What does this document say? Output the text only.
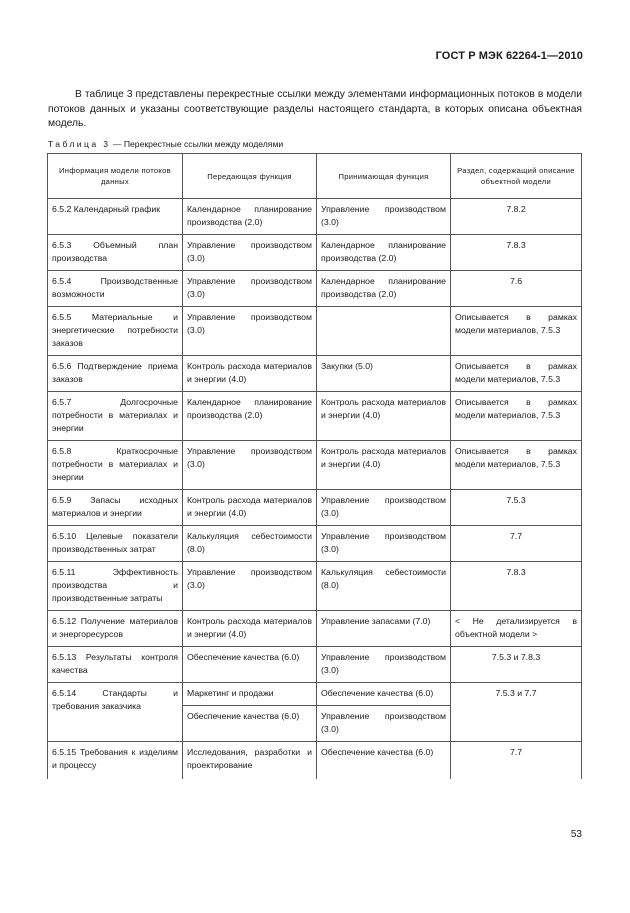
ГОСТ Р МЭК 62264-1—2010

В таблице 3 представлены перекрестные ссылки между элементами информационных потоков в модели потоков данных и указаны соответствующие разделы настоящего стандарта, в которых описана объектная модель.

Таблица 3 — Перекрестные ссылки между моделями
Информация модели потоков данных	Передающая функция	Принимающая функция	Раздел, содержащий описание объектной модели
6.5.2 Календарный график	Календарное планирование производства (2.0)	Управление производством (3.0)	7.8.2
6.5.3 Объемный план производства	Управление производством (3.0)	Календарное планирование производства (2.0)	7.8.3
6.5.4 Производственные возможности	Управление производством (3.0)	Календарное планирование производства (2.0)	7.6
6.5.5 Материальные и энергетические потребности заказов	Управление производством (3.0)		Описывается в рамках модели материалов, 7.5.3
6.5.6 Подтверждение приема заказов	Контроль расхода материалов и энергии (4.0)	Закупки (5.0)	Описывается в рамках модели материалов, 7.5.3
6.5.7 Долгосрочные потребности в материалах и энергии	Календарное планирование производства (2.0)	Контроль расхода материалов и энергии (4.0)	Описывается в рамках модели материалов, 7.5.3
6.5.8 Краткосрочные потребности в материалах и энергии	Управление производством (3.0)	Контроль расхода материалов и энергии (4.0)	Описывается в рамках модели материалов, 7.5.3
6.5.9 Запасы исходных материалов и энергии	Контроль расхода материалов и энергии (4.0)	Управление производством (3.0)	7.5.3
6.5.10 Целевые показатели производственных затрат	Калькуляция себестоимости (8.0)	Управление производством (3.0)	7.7
6.5.11 Эффективность производства и производственные затраты	Управление производством (3.0)	Калькуляция себестоимости (8.0)	7.8.3
6.5.12 Получение материалов и энергоресурсов	Контроль расхода материалов и энергии (4.0)	Управление запасами (7.0)	< Не детализируется в объектной модели >
6.5.13 Результаты контроля качества	Обеспечение качества (6.0)	Управление производством (3.0)	7.5.3 и 7.8.3
6.5.14 Стандарты и требования заказчика	Маркетинг и продажи	Обеспечение качества (6.0)	7.5.3 и 7.7
	Обеспечение качества (6.0)	Управление производством (3.0)	
6.5.15 Требования к изделиям и процессу	Исследования, разработки и проектирование	Обеспечение качества (6.0)	7.7
53
